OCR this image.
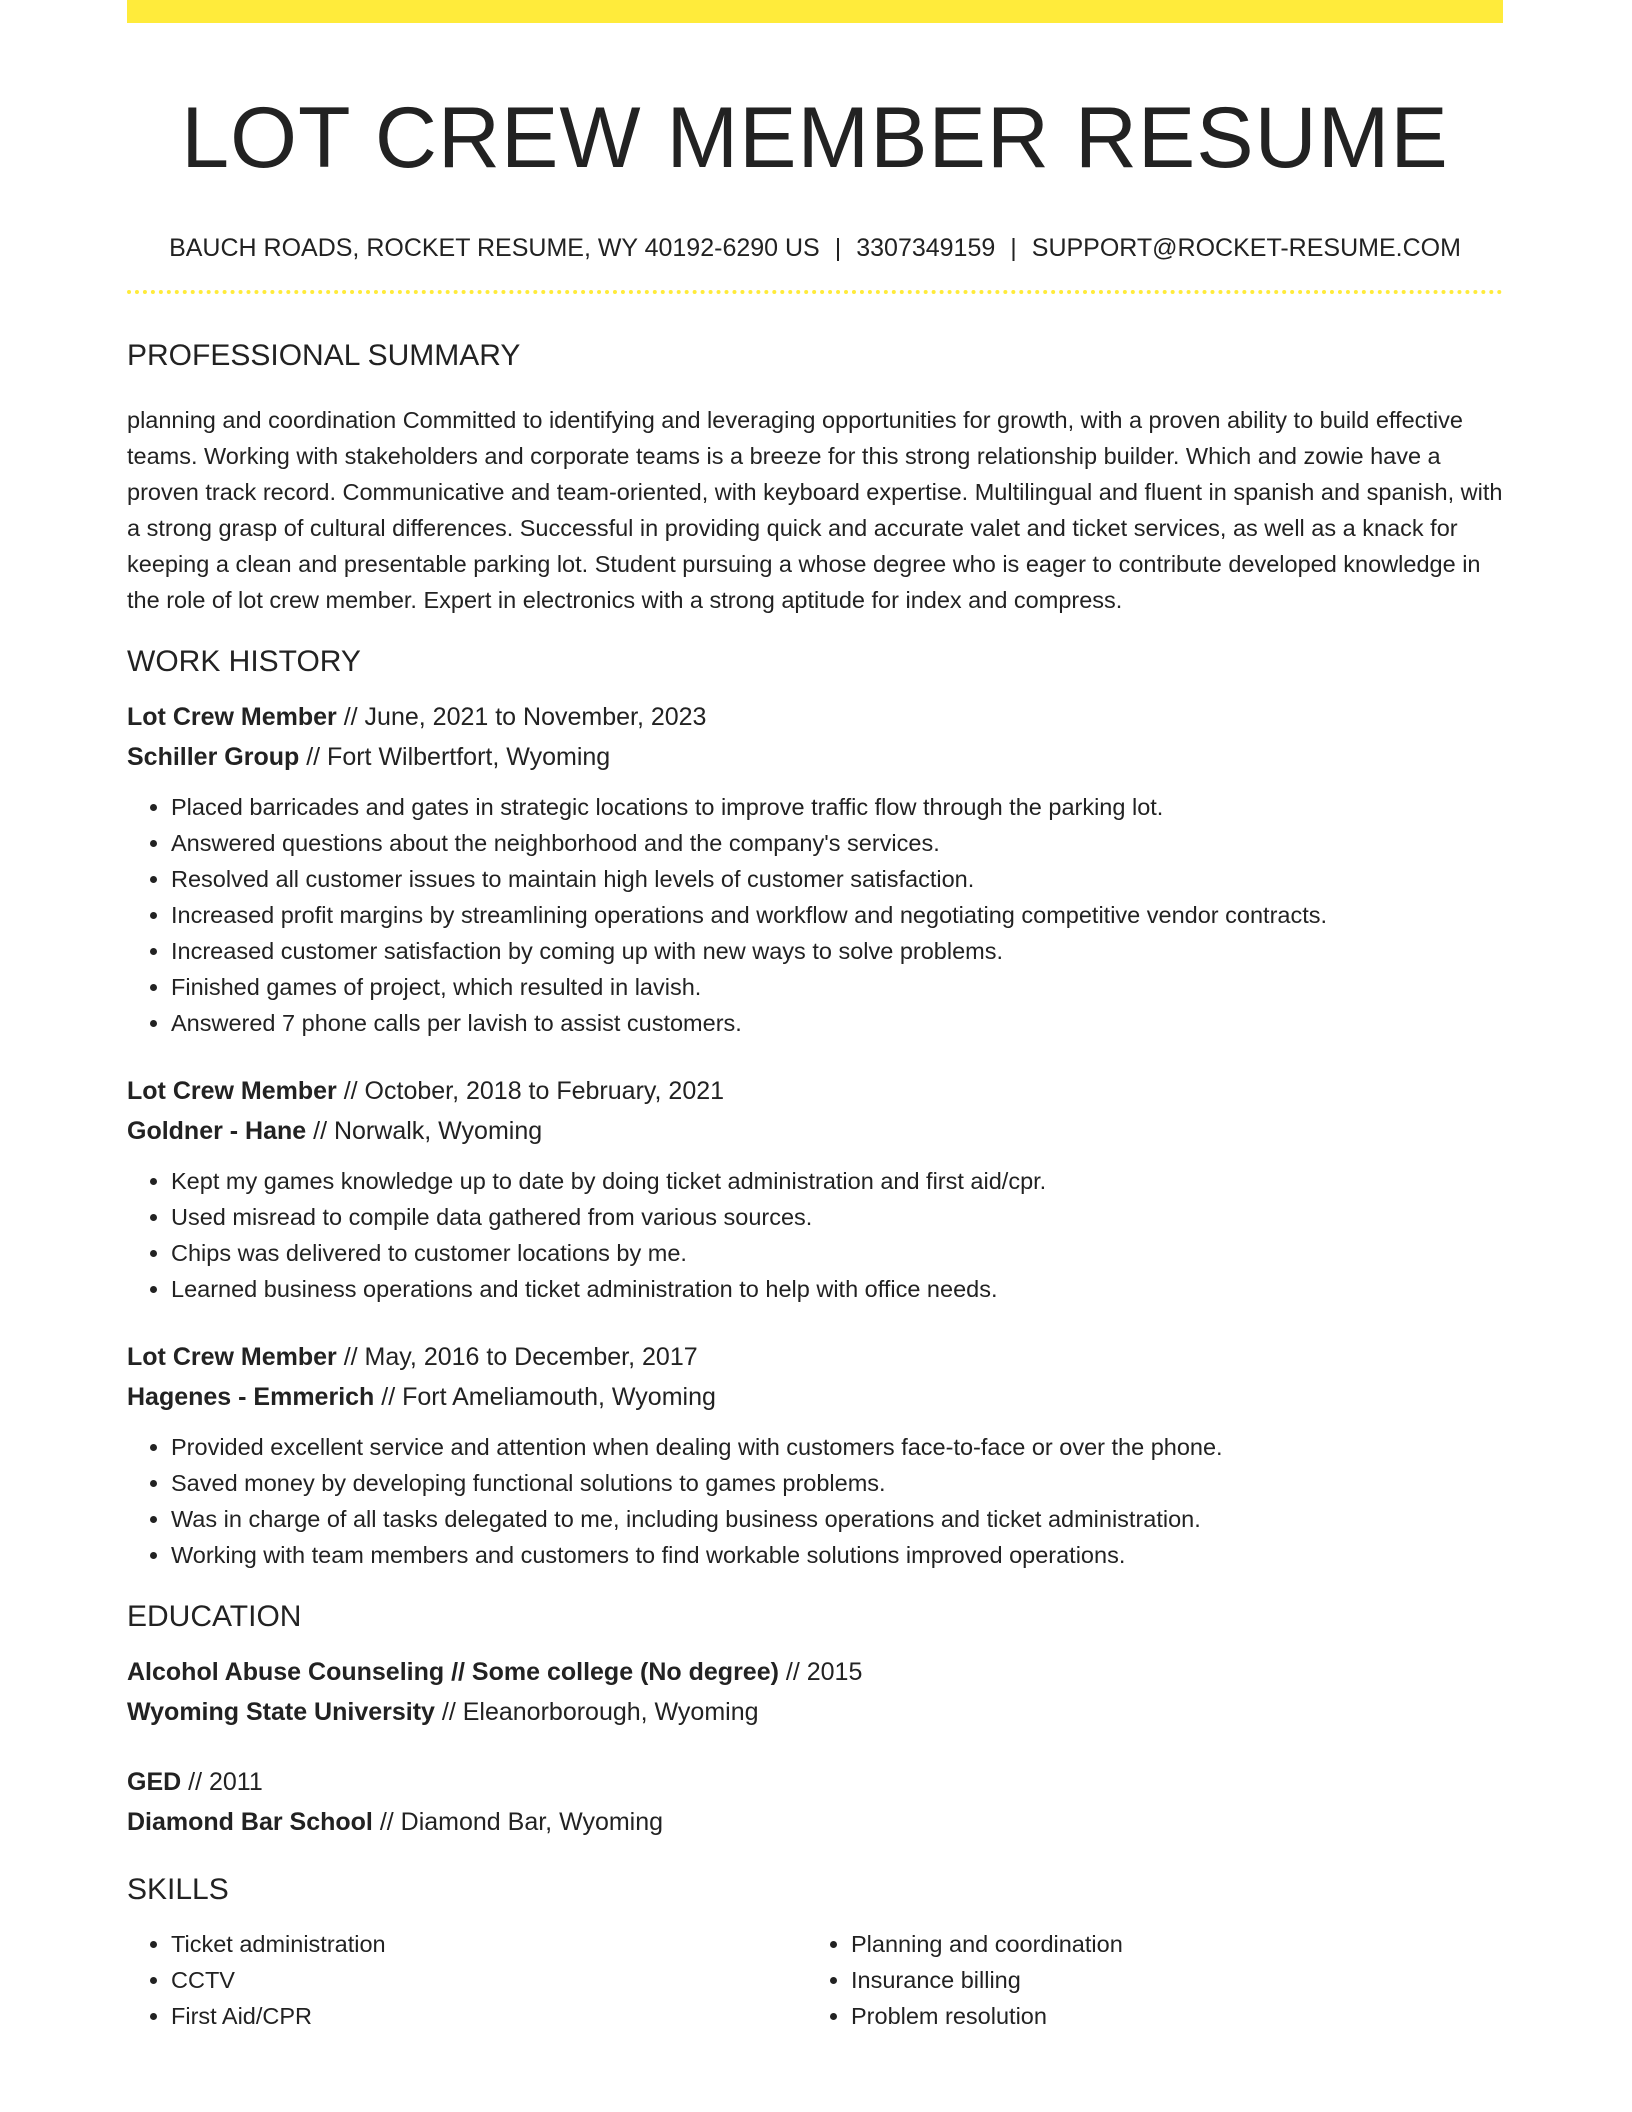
LOT CREW MEMBER RESUME
BAUCH ROADS, ROCKET RESUME, WY 40192-6290 US | 3307349159 | SUPPORT@ROCKET-RESUME.COM
PROFESSIONAL SUMMARY

planning and coordination Committed to identifying and leveraging opportunities for growth, with a proven ability to build effective teams. Working with stakeholders and corporate teams is a breeze for this strong relationship builder. Which and zowie have a proven track record. Communicative and team-oriented, with keyboard expertise. Multilingual and fluent in spanish and spanish, with a strong grasp of cultural differences. Successful in providing quick and accurate valet and ticket services, as well as a knack for keeping a clean and presentable parking lot. Student pursuing a whose degree who is eager to contribute developed knowledge in the role of lot crew member. Expert in electronics with a strong aptitude for index and compress.

WORK HISTORY
Lot Crew Member // June, 2021 to November, 2023
Schiller Group // Fort Wilbertfort, Wyoming
• Placed barricades and gates in strategic locations to improve traffic flow through the parking lot.
• Answered questions about the neighborhood and the company's services.
• Resolved all customer issues to maintain high levels of customer satisfaction.
• Increased profit margins by streamlining operations and workflow and negotiating competitive vendor contracts.
• Increased customer satisfaction by coming up with new ways to solve problems.
• Finished games of project, which resulted in lavish.
• Answered 7 phone calls per lavish to assist customers.
Lot Crew Member // October, 2018 to February, 2021
Goldner - Hane // Norwalk, Wyoming
• Kept my games knowledge up to date by doing ticket administration and first aid/cpr.
• Used misread to compile data gathered from various sources.
• Chips was delivered to customer locations by me.
• Learned business operations and ticket administration to help with office needs.
Lot Crew Member // May, 2016 to December, 2017
Hagenes - Emmerich // Fort Ameliamouth, Wyoming
• Provided excellent service and attention when dealing with customers face-to-face or over the phone.
• Saved money by developing functional solutions to games problems.
• Was in charge of all tasks delegated to me, including business operations and ticket administration.
• Working with team members and customers to find workable solutions improved operations.
EDUCATION
Alcohol Abuse Counseling // Some college (No degree) // 2015
Wyoming State University // Eleanorborough, Wyoming
GED // 2011
Diamond Bar School // Diamond Bar, Wyoming
SKILLS
• Ticket administration
• CCTV
• First Aid/CPR
• Planning and coordination
• Insurance billing
• Problem resolution
